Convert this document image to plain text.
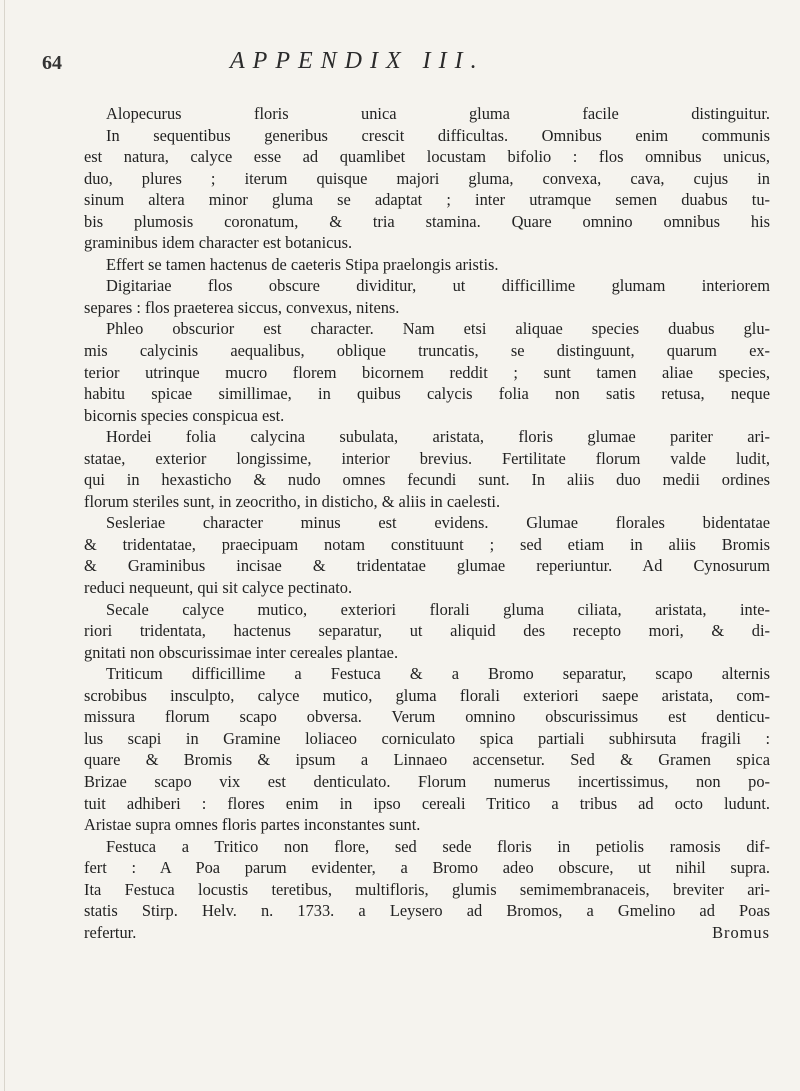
64	APPENDIX III.
Alopecurus floris unica gluma facile distinguitur.
In sequentibus generibus crescit difficultas. Omnibus enim communis
est natura, calyce esse ad quamlibet locustam bifolio : flos omnibus unicus,
duo, plures ; iterum quisque majori gluma, convexa, cava, cujus in
sinum altera minor gluma se adaptat ; inter utramque semen duabus tu-
bis plumosis coronatum, & tria stamina. Quare omnino omnibus his
graminibus idem character est botanicus.
Effert se tamen hactenus de caeteris Stipa praelongis aristis.
Digitariae flos obscure dividitur, ut difficillime glumam interiorem
separes : flos praeterea siccus, convexus, nitens.
Phleo obscurior est character. Nam etsi aliquae species duabus glu-
mis calycinis aequalibus, oblique truncatis, se distinguunt, quarum ex-
terior utrinque mucro florem bicornem reddit ; sunt tamen aliae species,
habitu spicae simillimae, in quibus calycis folia non satis retusa, neque
bicornis species conspicua est.
Hordei folia calycina subulata, aristata, floris glumae pariter ari-
statae, exterior longissime, interior brevius. Fertilitate florum valde ludit,
qui in hexasticho & nudo omnes fecundi sunt. In aliis duo medii ordines
florum steriles sunt, in zeocritho, in disticho, & aliis in caelesti.
Sesleriae character minus est evidens. Glumae florales bidentatae
& tridentatae, praecipuam notam constituunt ; sed etiam in aliis Bromis
& Graminibus incisae & tridentatae glumae reperiuntur. Ad Cynosurum
reduci nequeunt, qui sit calyce pectinato.
Secale calyce mutico, exteriori florali gluma ciliata, aristata, inte-
riori tridentata, hactenus separatur, ut aliquid des recepto mori, & di-
gnitati non obscurissimae inter cereales plantae.
Triticum difficillime a Festuca & a Bromo separatur, scapo alternis
scrobibus insculpto, calyce mutico, gluma florali exteriori saepe aristata, com-
missura florum scapo obversa. Verum omnino obscurissimus est denticu-
lus scapi in Gramine loliaceo corniculato spica partiali subhirsuta fragili :
quare & Bromis & ipsum a Linnaeo accensetur. Sed & Gramen spica
Brizae scapo vix est denticulato. Florum numerus incertissimus, non po-
tuit adhiberi : flores enim in ipso cereali Tritico a tribus ad octo ludunt.
Aristae supra omnes floris partes inconstantes sunt.
Festuca a Tritico non flore, sed sede floris in petiolis ramosis dif-
fert : A Poa parum evidenter, a Bromo adeo obscure, ut nihil supra.
Ita Festuca locustis teretibus, multifloris, glumis semimembranaceis, breviter ari-
statis Stirp. Helv. n. 1733. a Leysero ad Bromos, a Gmelino ad Poas
refertur.	Bromus
